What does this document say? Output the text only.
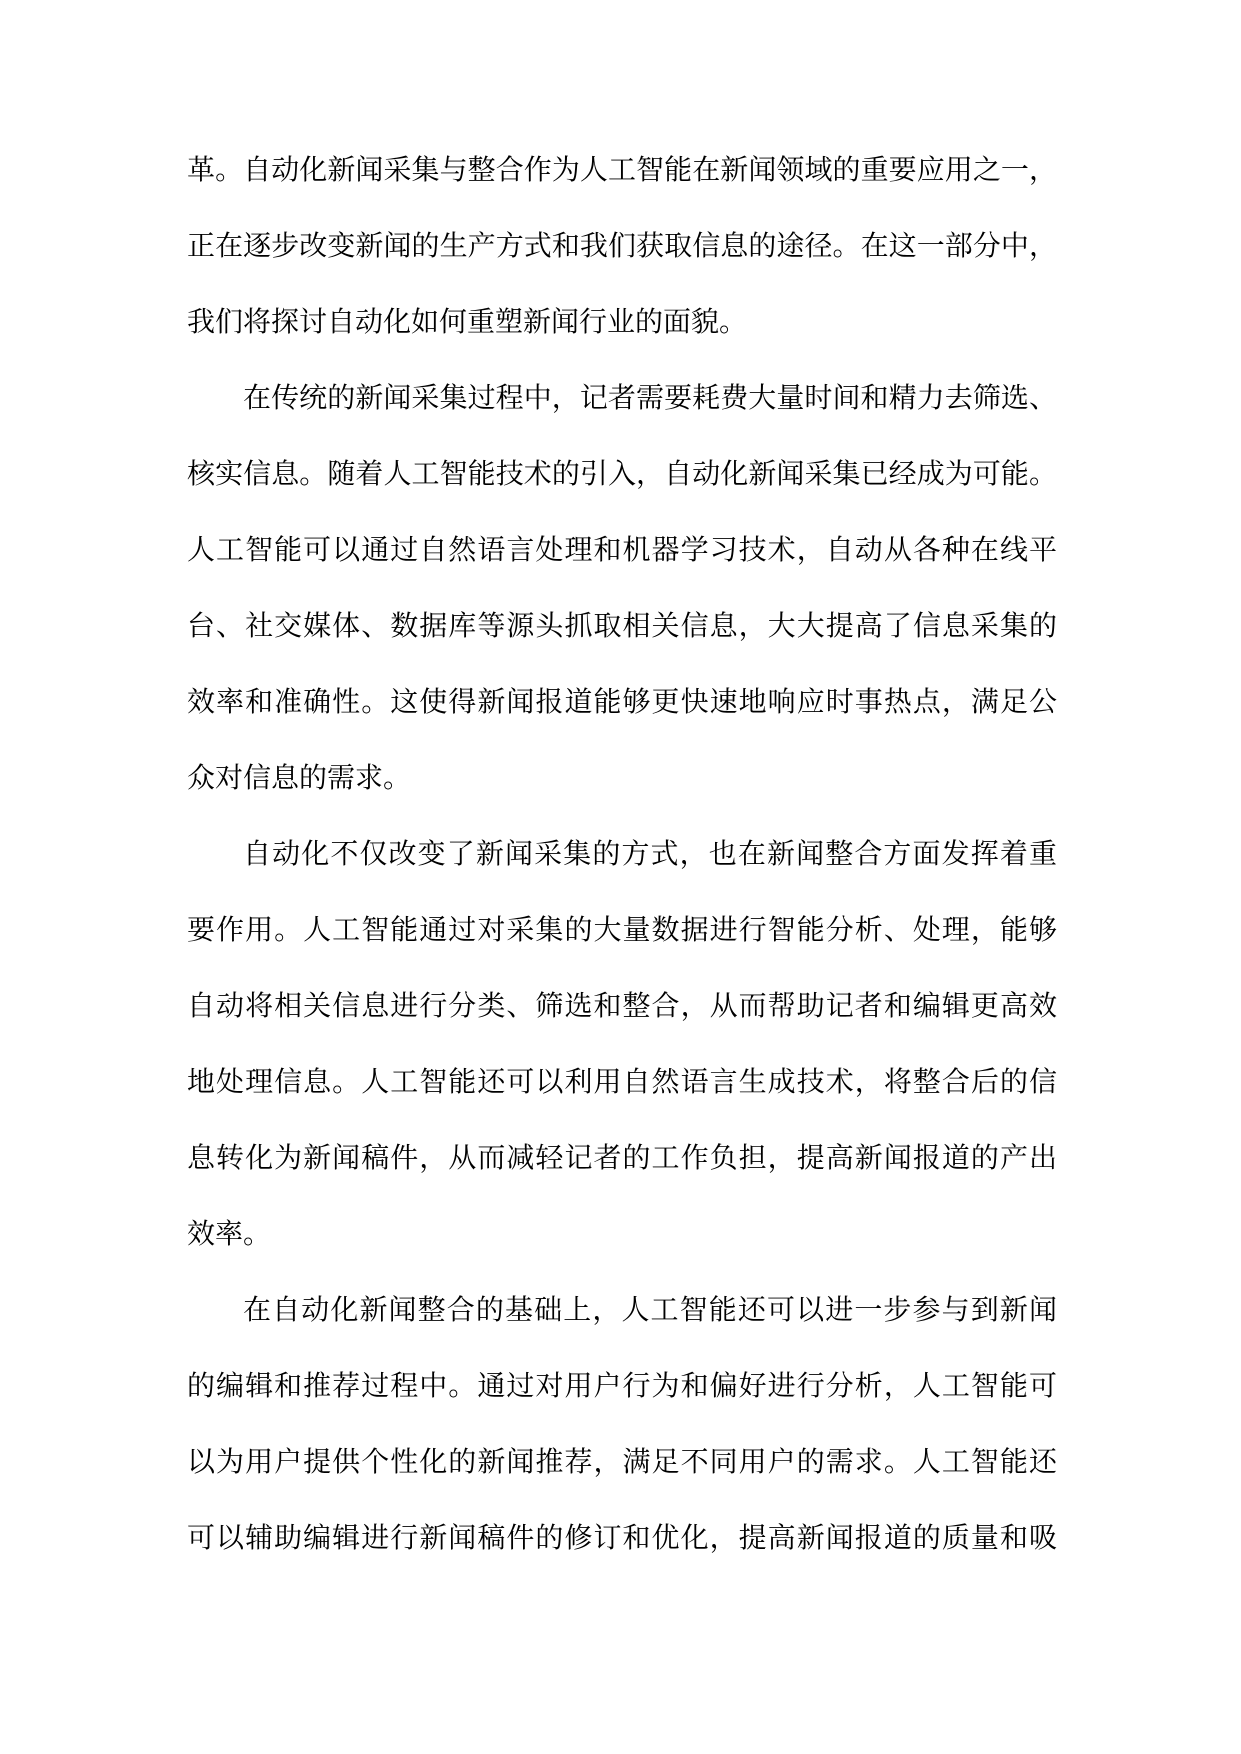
革。自动化新闻采集与整合作为人工智能在新闻领域的重要应用之一，
正在逐步改变新闻的生产方式和我们获取信息的途径。在这一部分中，
我们将探讨自动化如何重塑新闻行业的面貌。
在传统的新闻采集过程中，记者需要耗费大量时间和精力去筛选、
核实信息。随着人工智能技术的引入，自动化新闻采集已经成为可能。
人工智能可以通过自然语言处理和机器学习技术，自动从各种在线平
台、社交媒体、数据库等源头抓取相关信息，大大提高了信息采集的
效率和准确性。这使得新闻报道能够更快速地响应时事热点，满足公
众对信息的需求。
自动化不仅改变了新闻采集的方式，也在新闻整合方面发挥着重
要作用。人工智能通过对采集的大量数据进行智能分析、处理，能够
自动将相关信息进行分类、筛选和整合，从而帮助记者和编辑更高效
地处理信息。人工智能还可以利用自然语言生成技术，将整合后的信
息转化为新闻稿件，从而减轻记者的工作负担，提高新闻报道的产出
效率。
在自动化新闻整合的基础上，人工智能还可以进一步参与到新闻
的编辑和推荐过程中。通过对用户行为和偏好进行分析，人工智能可
以为用户提供个性化的新闻推荐，满足不同用户的需求。人工智能还
可以辅助编辑进行新闻稿件的修订和优化，提高新闻报道的质量和吸
